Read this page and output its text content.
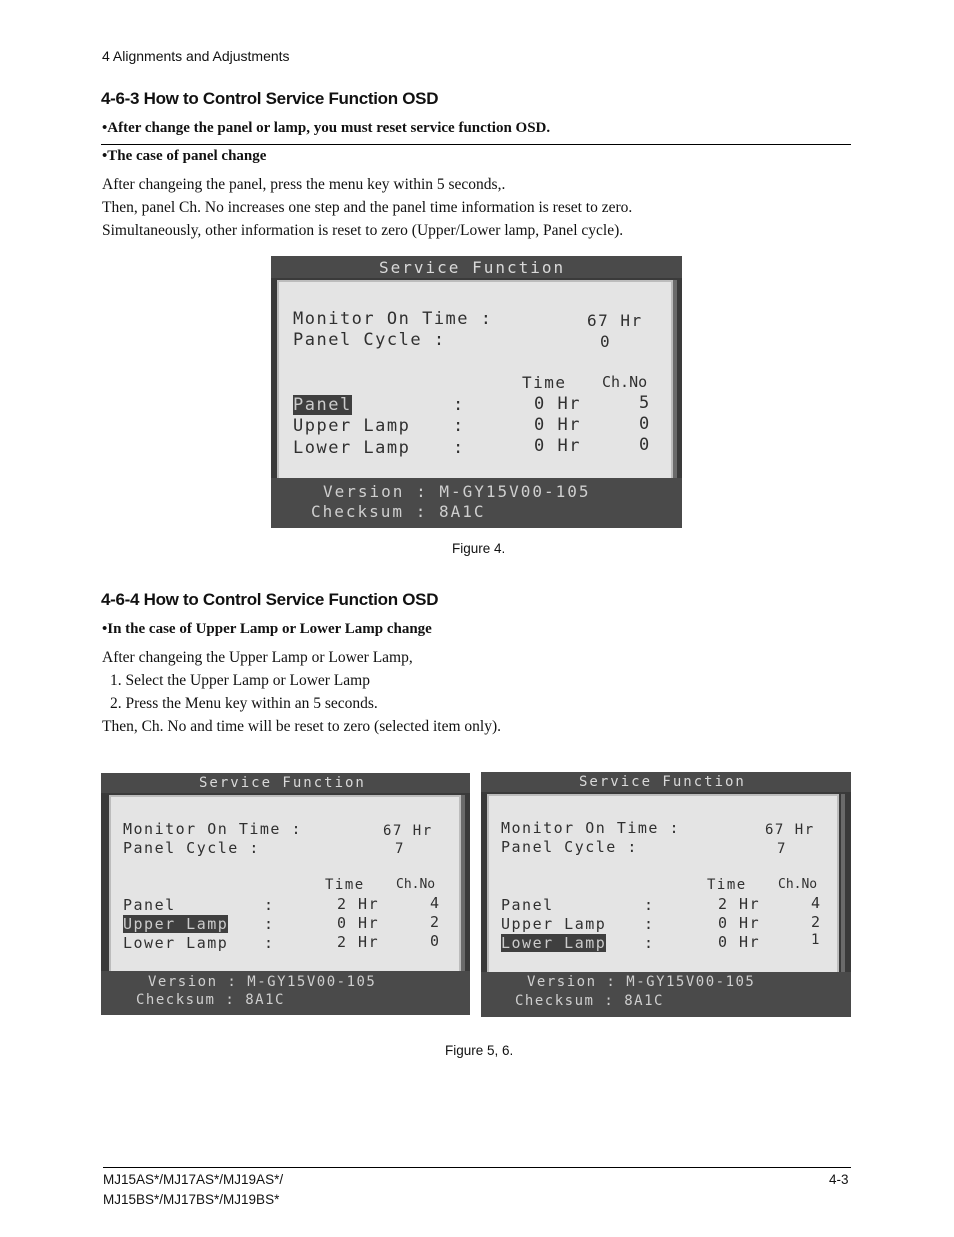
4 Alignments and Adjustments
4-6-3 How to Control Service Function OSD
•After change the panel or lamp, you must reset service function OSD.
•The case of panel change
After changeing the panel, press the menu key within 5 seconds,.
Then, panel Ch. No increases one step and the panel time information is reset to zero.
Simultaneously, other information is reset to zero (Upper/Lower lamp, Panel cycle).
Service Function
Monitor On Time :	67 Hr
Panel Cycle :	0
Time Ch.No
Panel	:	0 Hr	5
Upper Lamp	:	0 Hr	0
Lower Lamp	:	0 Hr	0
Version : M-GY15V00-105
Checksum : 8A1C
Figure 4.
4-6-4 How to Control Service Function OSD
•In the case of Upper Lamp or Lower Lamp change
After changeing the Upper Lamp or Lower Lamp,
1. Select the Upper Lamp or Lower Lamp
2. Press the Menu key within an 5 seconds.
Then, Ch. No and time will be reset to zero (selected item only).
Service Function
Monitor On Time :	67 Hr
Panel Cycle :	7
Time Ch.No
Panel	:	2 Hr	4
Upper Lamp :	0 Hr	2
Lower Lamp :	2 Hr	0
Version : M-GY15V00-105
Checksum : 8A1C
Service Function
Monitor On Time :	67 Hr
Panel Cycle :	7
Time Ch.No
Panel	:	2 Hr	4
Upper Lamp	:	0 Hr	2
Lower Lamp	:	0 Hr	1
Version : M-GY15V00-105
Checksum : 8A1C
Figure 5, 6.
MJ15AS*/MJ17AS*/MJ19AS*/
MJ15BS*/MJ17BS*/MJ19BS*
4-3
